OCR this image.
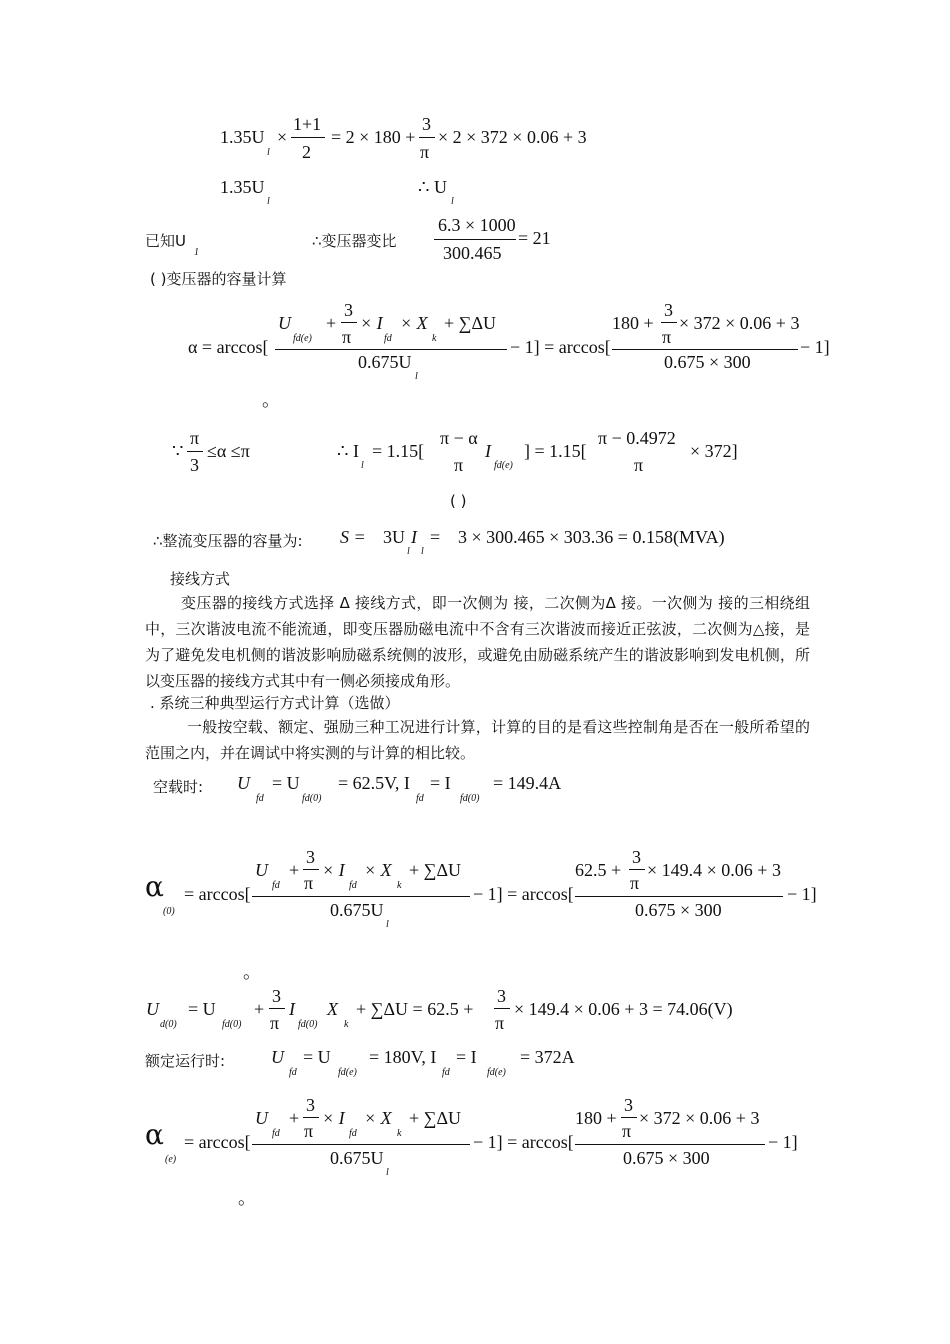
1.35U
l
×
1+1
2
= 2 × 180 +
3
π
× 2 × 372 × 0.06 + 3
1.35U
l
∴ U
l
已知U
1
∴变压器变比
6.3 × 1000
300.465
= 21
( )变压器的容量计算
α = arccos[
U
fd(e)
+
3
π
× I
fd
× X
k
+ ∑ΔU
0.675U
l
− 1] = arccos[
180 +
3
π
× 372 × 0.06 + 3
0.675 × 300
− 1]
。
∵
π
3
≤α ≤π	∴ I
l
= 1.15[
π − α
π
I
fd(e)
] = 1.15[
π − 0.4972
π
× 372]
( )
∴整流变压器的容量为: S = 3U
l
I
l
= 3 × 300.465 × 303.36 = 0.158(MVA)
接线方式
变压器的接线方式选择 Δ 接线方式，即一次侧为 接，二次侧为Δ 接。一次侧为 接的三相绕组中，三次谐波电流不能流通，即变压器励磁电流中不含有三次谐波而接近正弦波，二次侧为△接，是为了避免发电机侧的谐波影响励磁系统侧的波形，或避免由励磁系统产生的谐波影响到发电机侧，所以变压器的接线方式其中有一侧必须接成角形。
. 系统三种典型运行方式计算（选做）
一般按空载、额定、强励三种工况进行计算，计算的目的是看这些控制角是否在一般所希望的范围之内，并在调试中将实测的与计算的相比较。
空载时: U
fd
= U
fd(0)
= 62.5V, I
fd
= I
fd(0)
= 149.4A
α
(0)
= arccos[
U
fd
+
3
π
× I
fd
× X
k
+ ∑ΔU
0.675U
l
− 1] = arccos[
62.5 +
3
π
× 149.4 × 0.06 + 3
0.675 × 300
− 1]
。
U
d(0)
= U
fd(0)
+
3
π
I
fd(0)
X
k
+ ∑ΔU = 62.5 +
3
π
× 149.4 × 0.06 + 3 = 74.06(V)
额定运行时:	U
fd
= U
fd(e)
= 180V, I
fd
= I
fd(e)
= 372A
α
(e)
= arccos[
U
fd
+
3
π
× I
fd
× X
k
+ ∑ΔU
0.675U
l
− 1] = arccos[
180 +
3
π
× 372 × 0.06 + 3
0.675 × 300
− 1]
。
